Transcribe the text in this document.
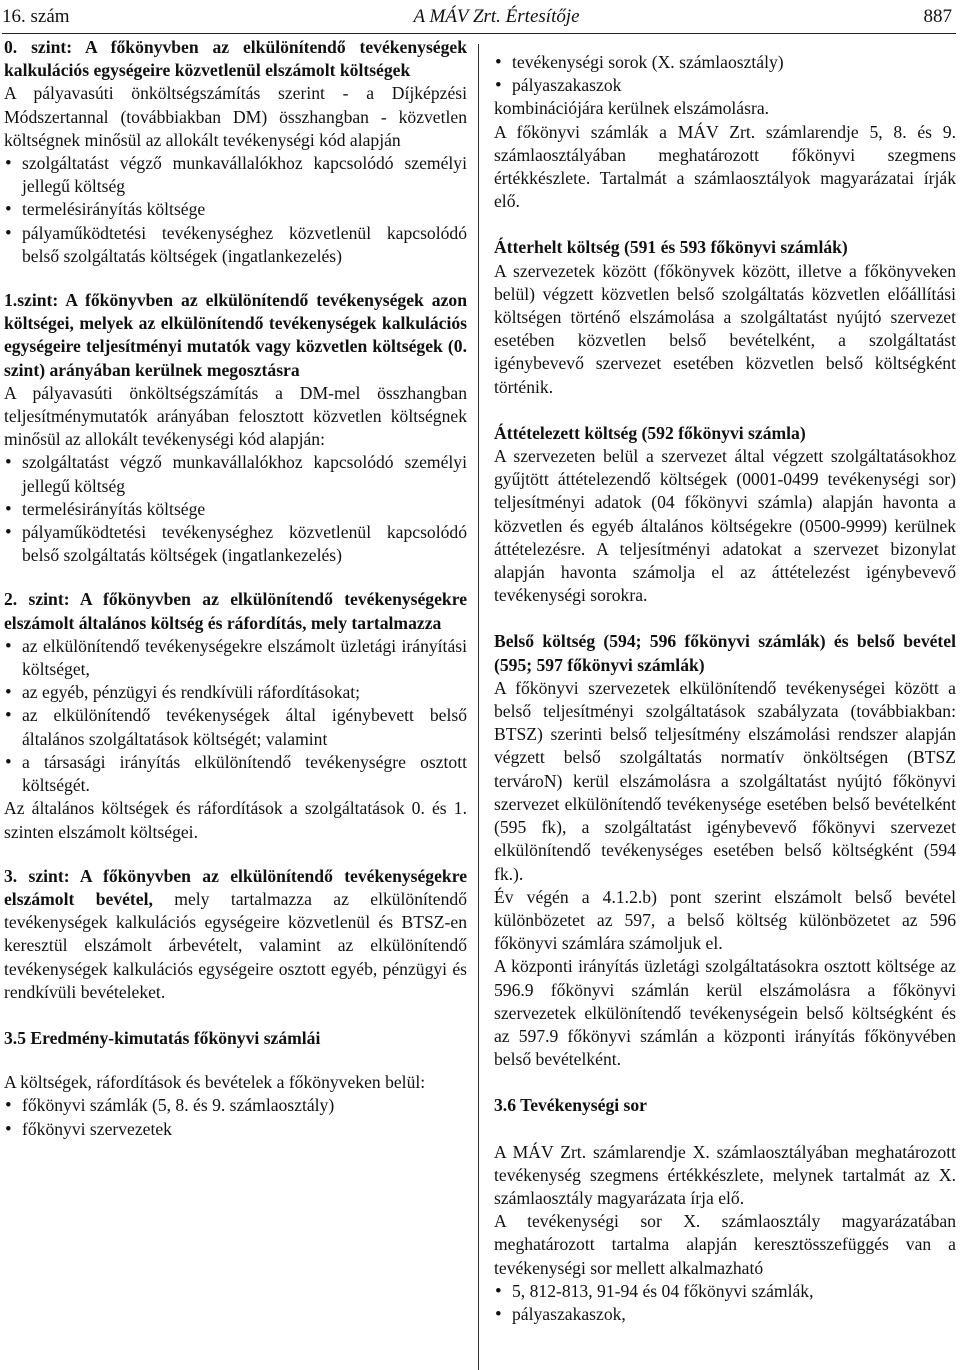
16. szám	A MÁV Zrt. Értesítője	887

0. szint: A főkönyvben az elkülönítendő tevékenységek kalkulációs egységeire közvetlenül elszámolt költségek

A pályavasúti önköltségszámítás szerint - a Díjképzési Módszertannal (továbbiakban DM) összhangban - közvetlen költségnek minősül az allokált tevékenységi kód alapján

• szolgáltatást végző munkavállalókhoz kapcsolódó személyi jellegű költség

• termelésirányítás költsége

• pályaműködtetési tevékenységhez közvetlenül kapcsolódó belső szolgáltatás költségek (ingatlankezelés)

1.szint: A főkönyvben az elkülönítendő tevékenységek azon költségei, melyek az elkülönítendő tevékenységek kalkulációs egységeire teljesítményi mutatók vagy közvetlen költségek (0. szint) arányában kerülnek megosztásra

A pályavasúti önköltségszámítás a DM-mel összhangban teljesítménymutatók arányában felosztott közvetlen költségnek minősül az allokált tevékenységi kód alapján:

• szolgáltatást végző munkavállalókhoz kapcsolódó személyi jellegű költség

• termelésirányítás költsége

• pályaműködtetési tevékenységhez közvetlenül kapcsolódó belső szolgáltatás költségek (ingatlankezelés)

2. szint: A főkönyvben az elkülönítendő tevékenységekre elszámolt általános költség és ráfordítás, mely tartalmazza

• az elkülönítendő tevékenységekre elszámolt üzletági irányítási költséget,

• az egyéb, pénzügyi és rendkívüli ráfordításokat;

• az elkülönítendő tevékenységek által igénybevett belső általános szolgáltatások költségét; valamint

• a társasági irányítás elkülönítendő tevékenységre osztott költségét.

Az általános költségek és ráfordítások a szolgáltatások 0. és 1. szinten elszámolt költségei.

3. szint: A főkönyvben az elkülönítendő tevékenységekre elszámolt bevétel, mely tartalmazza az elkülönítendő tevékenységek kalkulációs egységeire közvetlenül és BTSZ-en keresztül elszámolt árbevételt, valamint az elkülönítendő tevékenységek kalkulációs egységeire osztott egyéb, pénzügyi és rendkívüli bevételeket.

3.5 Eredmény-kimutatás főkönyvi számlái

A költségek, ráfordítások és bevételek a főkönyveken belül:

• főkönyvi számlák (5, 8. és 9. számlaosztály)

• főkönyvi szervezetek

• tevékenységi sorok (X. számlaosztály)

• pályaszakaszok

kombinációjára kerülnek elszámolásra.

A főkönyvi számlák a MÁV Zrt. számlarendje 5, 8. és 9. számlaosztályában meghatározott főkönyvi szegmens értékkészlete. Tartalmát a számlaosztályok magyarázatai írják elő.

Átterhelt költség (591 és 593 főkönyvi számlák)

A szervezetek között (főkönyvek között, illetve a főkönyveken belül) végzett közvetlen belső szolgáltatás közvetlen előállítási költségen történő elszámolása a szolgáltatást nyújtó szervezet esetében közvetlen belső bevételként, a szolgáltatást igénybevevő szervezet esetében közvetlen belső költségként történik.

Áttételezett költség (592 főkönyvi számla)

A szervezeten belül a szervezet által végzett szolgáltatásokhoz gyűjtött áttételezendő költségek (0001-0499 tevékenységi sor) teljesítményi adatok (04 főkönyvi számla) alapján havonta a közvetlen és egyéb általános költségekre (0500-9999) kerülnek áttételezésre. A teljesítményi adatokat a szervezet bizonylat alapján havonta számolja el az áttételezést igénybevevő tevékenységi sorokra.

Belső költség (594; 596 főkönyvi számlák) és belső bevétel (595; 597 főkönyvi számlák)

A főkönyvi szervezetek elkülönítendő tevékenységei között a belső teljesítményi szolgáltatások szabályzata (továbbiakban: BTSZ) szerinti belső teljesítmény elszámolási rendszer alapján végzett belső szolgáltatás normatív önköltségen (BTSZ tervároN) kerül elszámolásra a szolgáltatást nyújtó főkönyvi szervezet elkülönítendő tevékenysége esetében belső bevételként (595 fk), a szolgáltatást igénybevevő főkönyvi szervezet elkülönítendő tevékenységes esetében belső költségként (594 fk.).

Év végén a 4.1.2.b) pont szerint elszámolt belső bevétel különbözetet az 597, a belső költség különbözetet az 596 főkönyvi számlára számoljuk el.

A központi irányítás üzletági szolgáltatásokra osztott költsége az 596.9 főkönyvi számlán kerül elszámolásra a főkönyvi szervezetek elkülönítendő tevékenységein belső költségként és az 597.9 főkönyvi számlán a központi irányítás főkönyvében belső bevételként.

3.6 Tevékenységi sor

A MÁV Zrt. számlarendje X. számlaosztályában meghatározott tevékenység szegmens értékkészlete, melynek tartalmát az X. számlaosztály magyarázata írja elő.

A tevékenységi sor X. számlaosztály magyarázatában meghatározott tartalma alapján keresztösszefüggés van a tevékenységi sor mellett alkalmazható

• 5, 812-813, 91-94 és 04 főkönyvi számlák,

• pályaszakaszok,
